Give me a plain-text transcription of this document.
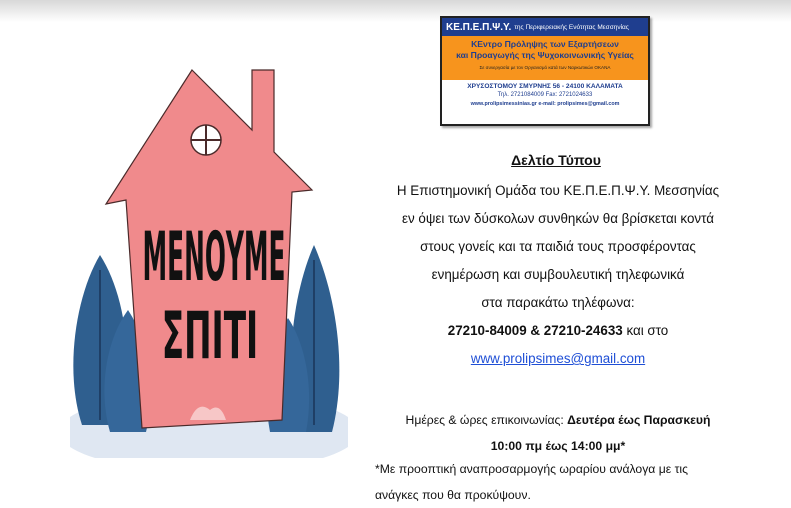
ΜΕΝΟΥΜΕ
ΣΠΙΤΙ
ΚΕ.Π.Ε.Π.Ψ.Υ. της Περιφερειακής Ενότητας Μεσσηνίας
ΚΕντρο Πρόληψης των Εξαρτήσεων
και Προαγωγής της Ψυχοκοινωνικής Υγείας
Σε συνεργασία με τον Οργανισμό κατά των Ναρκωτικών ΟΚΑΝΑ
ΧΡΥΣΟΣΤΟΜΟΥ ΣΜΥΡΝΗΣ 56 - 24100 ΚΑΛΑΜΑΤΑ
Τηλ. 2721084009 Fax: 2721024633
www.prolipsimessinias.gr e-mail: prolipsimes@gmail.com
Δελτίο Τύπου
Η Επιστημονική Ομάδα του ΚΕ.Π.Ε.Π.Ψ.Υ. Μεσσηνίας
εν όψει των δύσκολων συνθηκών θα βρίσκεται κοντά
στους γονείς και τα παιδιά τους προσφέροντας
ενημέρωση και συμβουλευτική τηλεφωνικά
στα παρακάτω τηλέφωνα:
27210-84009 & 27210-24633 και στο
www.prolipsimes@gmail.com
Ημέρες & ώρες επικοινωνίας: Δευτέρα έως Παρασκευή
10:00 πμ έως 14:00 μμ*
*Με προοπτική αναπροσαρμογής ωραρίου ανάλογα με τις ανάγκες που θα προκύψουν.
